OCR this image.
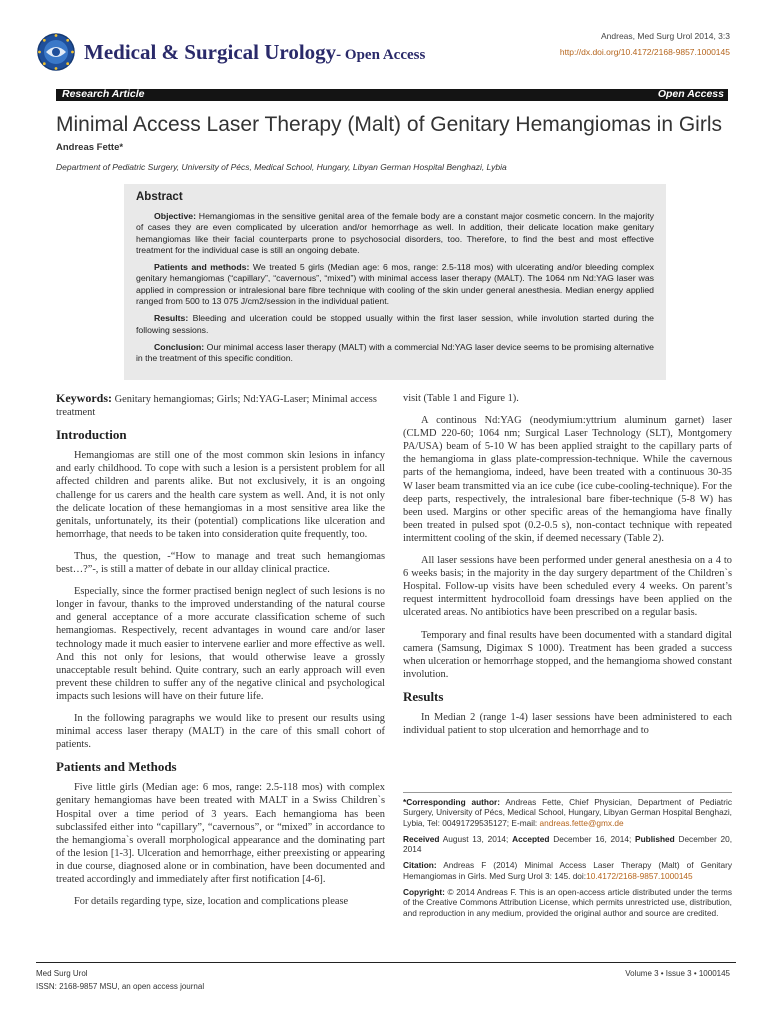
Medical & Surgical Urology- Open Access
Andreas, Med Surg Urol 2014, 3:3
http://dx.doi.org/10.4172/2168-9857.1000145
Research Article	Open Access
Minimal Access Laser Therapy (Malt) of Genitary Hemangiomas in Girls
Andreas Fette*
Department of Pediatric Surgery, University of Pécs, Medical School, Hungary, Libyan German Hospital Benghazi, Lybia
Abstract

Objective: Hemangiomas in the sensitive genital area of the female body are a constant major cosmetic concern. In the majority of cases they are even complicated by ulceration and/or hemorrhage as well. In addition, their delicate location make genitary hemangiomas like their facial counterparts prone to psychosocial disorders, too. Therefore, to find the best and most effective treatment for the individual case is still an ongoing debate.

Patients and methods: We treated 5 girls (Median age: 6 mos, range: 2.5-118 mos) with ulcerating and/or bleeding complex genitary hemangiomas (“capillary”, “cavernous”, “mixed”) with minimal access laser therapy (MALT). The 1064 nm Nd:YAG laser was applied in compression or intralesional bare fibre technique with cooling of the skin under general anesthesia. Median energy applied ranged from 500 to 13 075 J/cm2/session in the individual patient.

Results: Bleeding and ulceration could be stopped usually within the first laser session, while involution started during the following sessions.

Conclusion: Our minimal access laser therapy (MALT) with a commercial Nd:YAG laser device seems to be promising alternative in the treatment of this specific condition.

Keywords: Genitary hemangiomas; Girls; Nd:YAG-Laser; Minimal access treatment

Introduction

Hemangiomas are still one of the most common skin lesions in infancy and early childhood. To cope with such a lesion is a persistent problem for all affected children and parents alike. But not exclusively, it is an ongoing challenge for us carers and the health care system as well. And, it is not only the delicate location of these hemangiomas in a most sensitive area like the genitals, unfortunately, its their (potential) complications like ulceration and hemorrhage, that needs to be taken into consideration quite frequently, too.

Thus, the question, -“How to manage and treat such hemangiomas best…?”-, is still a matter of debate in our allday clinical practice.

Especially, since the former practised benign neglect of such lesions is no longer in favour, thanks to the improved understanding of the natural course and general acceptance of a more accurate classification scheme of such hemangiomas. Respectively, recent advantages in wound care and/or laser technology made it much easier to intervene earlier and more effective as well. And this not only for lesions, that would otherwise leave a grossly unacceptable result behind. Quite contrary, such an early approach will even prevent these children to suffer any of the negative clinical and psychological impacts such lesions will have on their future life.

In the following paragraphs we would like to present our results using minimal access laser therapy (MALT) in the care of this small cohort of patients.

Patients and Methods

Five little girls (Median age: 6 mos, range: 2.5-118 mos) with complex genitary hemangiomas have been treated with MALT in a Swiss Children`s Hospital over a time period of 3 years. Each hemangioma has been subclassifed either into “capillary”, “cavernous”, or “mixed” in accordance to the hemangioma`s overall morphological appearance and the dominating part of the lesion [1-3]. Ulceration and hemorrhage, either preexisting or appearing in due course, diagnosed alone or in combination, have been documented and treated accordingly and immediately after first notification [4-6].

For details regarding type, size, location and complications please

visit (Table 1 and Figure 1).

A continous Nd:YAG (neodymium:yttrium aluminum garnet) laser (CLMD 220-60; 1064 nm; Surgical Laser Technology (SLT), Montgomery PA/USA) beam of 5-10 W has been applied straight to the capillary parts of the hemangioma in glass plate-compression-technique. While the cavernous parts of the hemangioma, indeed, have been treated with a continuous 30-35 W laser beam transmitted via an ice cube (ice cube-cooling-technique). For the deep parts, respectively, the intralesional bare fiber-technique (5-8 W) has been used. Margins or other specific areas of the hemangioma have finally been treated in pulsed spot (0.2-0.5 s), non-contact technique with repeated intermittent cooling of the skin, if deemed necessary (Table 2).

All laser sessions have been performed under general anesthesia on a 4 to 6 weeks basis; in the majority in the day surgery department of the Children`s Hospital. Follow-up visits have been scheduled every 4 weeks. On parent’s request intermittent hydrocolloid foam dressings have been applied on the ulcerated areas. No antibiotics have been prescribed on a regular basis.

Temporary and final results have been documented with a standard digital camera (Samsung, Digimax S 1000). Treatment has been graded a success when ulceration or hemorrhage stopped, and the hemangioma showed constant involution.

Results

In Median 2 (range 1-4) laser sessions have been administered to each individual patient to stop ulceration and hemorrhage and to

*Corresponding author: Andreas Fette, Chief Physician, Department of Pediatric Surgery, University of Pécs, Medical School, Hungary, Libyan German Hospital Benghazi, Lybia, Tel: 00491729535127; E-mail: andreas.fette@gmx.de

Received August 13, 2014; Accepted December 16, 2014; Published December 20, 2014

Citation: Andreas F (2014) Minimal Access Laser Therapy (Malt) of Genitary Hemangiomas in Girls. Med Surg Urol 3: 145. doi:10.4172/2168-9857.1000145

Copyright: © 2014 Andreas F. This is an open-access article distributed under the terms of the Creative Commons Attribution License, which permits unrestricted use, distribution, and reproduction in any medium, provided the original author and source are credited.

Med Surg Urol
ISSN: 2168-9857 MSU, an open access journal
Volume 3 • Issue 3 • 1000145
